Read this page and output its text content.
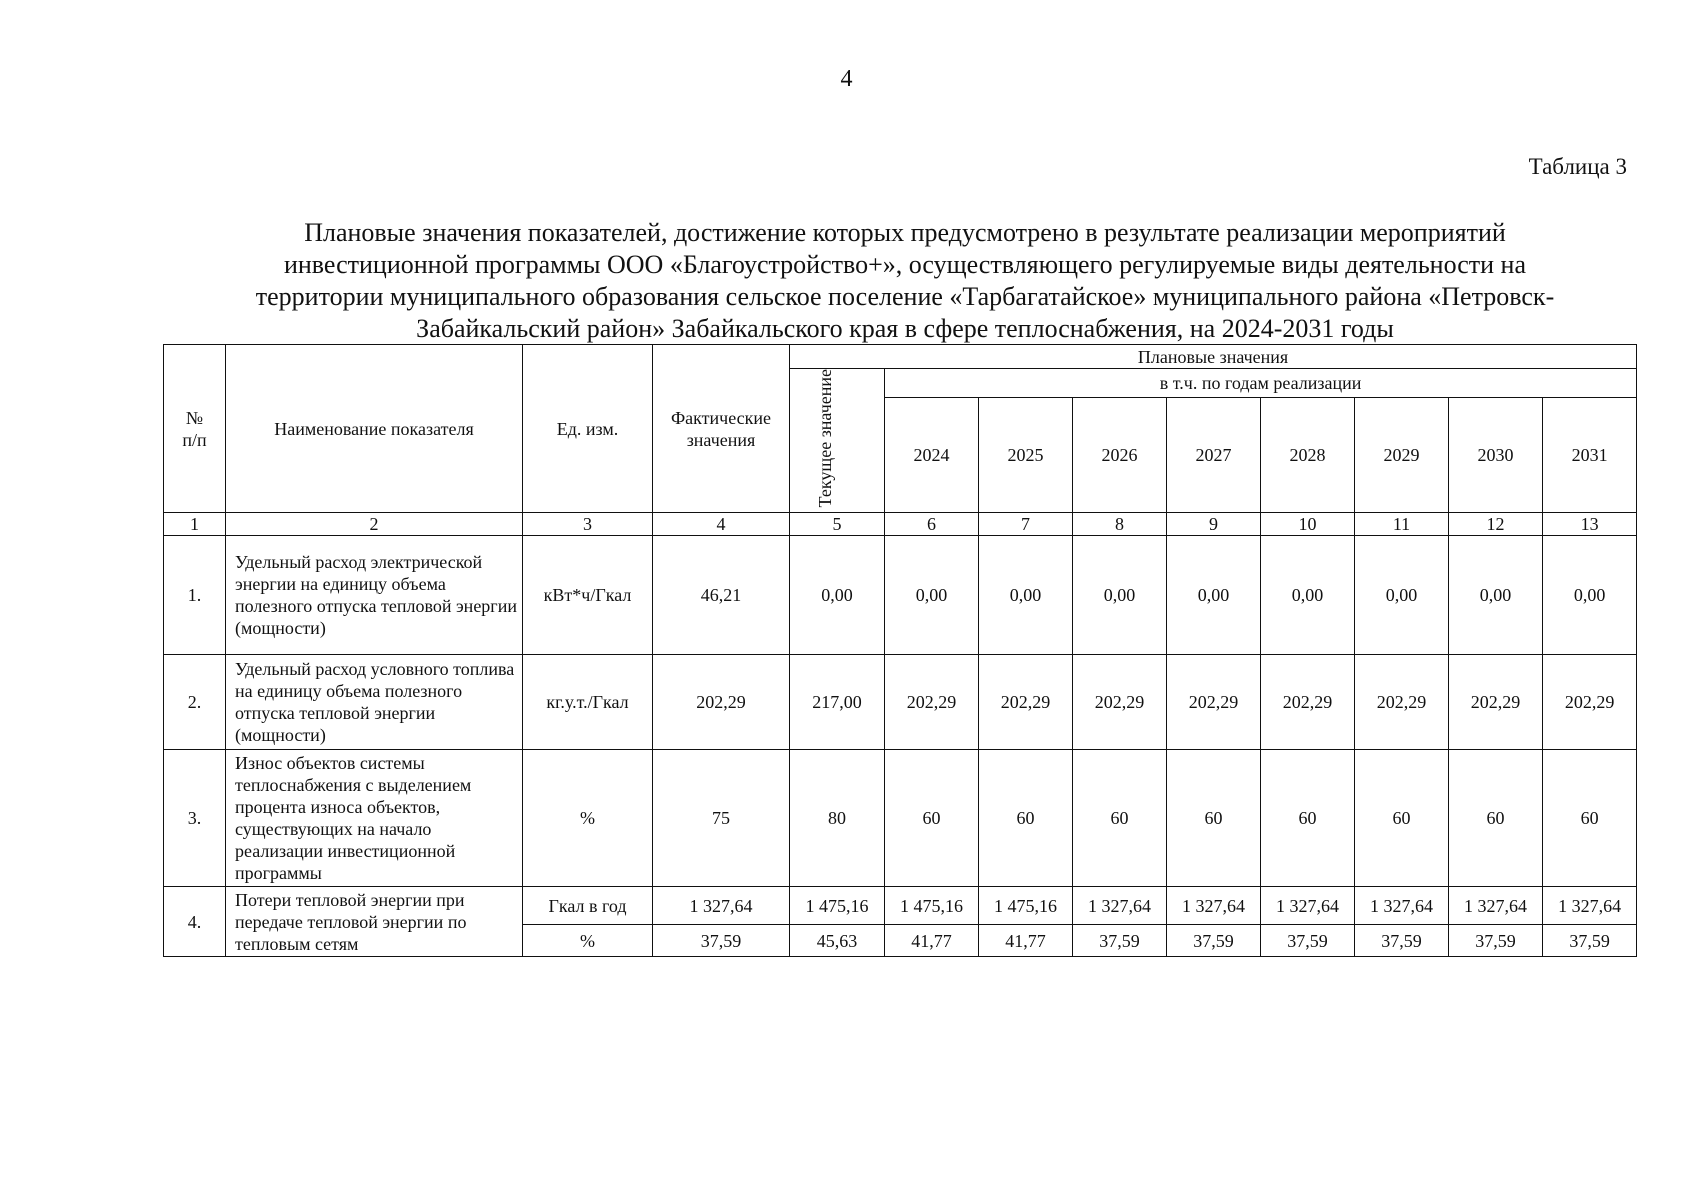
4
Таблица 3
Плановые значения показателей, достижение которых предусмотрено в результате реализации мероприятий
инвестиционной программы ООО «Благоустройство+», осуществляющего регулируемые виды деятельности на
территории муниципального образования сельское поселение «Тарбагатайское» муниципального района «Петровск-
Забайкальский район» Забайкальского края в сфере теплоснабжения, на 2024-2031 годы
№ п/п	Наименование показателя	Ед. изм.	Фактические значения	Плановые значения								
				Текущее значение	в т.ч. по годам реализации							
					2024	2025	2026	2027	2028	2029	2030	2031
1	2	3	4	5	6	7	8	9	10	11	12	13
1.	Удельный расход электрической энергии на единицу объема полезного отпуска тепловой энергии (мощности)	кВт*ч/Гкал	46,21	0,00	0,00	0,00	0,00	0,00	0,00	0,00	0,00	0,00
2.	Удельный расход условного топлива на единицу объема полезного отпуска тепловой энергии (мощности)	кг.у.т./Гкал	202,29	217,00	202,29	202,29	202,29	202,29	202,29	202,29	202,29	202,29
3.	Износ объектов системы теплоснабжения с выделением процента износа объектов, существующих на начало реализации инвестиционной программы	%	75	80	60	60	60	60	60	60	60	60
4.	Потери тепловой энергии при передаче тепловой энергии по тепловым сетям	Гкал в год	1 327,64	1 475,16	1 475,16	1 475,16	1 327,64	1 327,64	1 327,64	1 327,64	1 327,64	1 327,64
		%	37,59	45,63	41,77	41,77	37,59	37,59	37,59	37,59	37,59	37,59
